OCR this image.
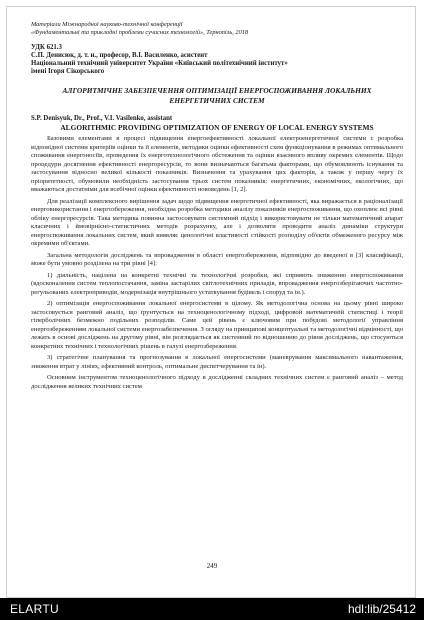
Матеріали Міжнародної науково-технічної конференції

«Фундаментальні та прикладні проблеми сучасних технологій», Тернопіль, 2018

УДК 621.3
С.П. Денисюк, д. т. н., професор, В.І. Василенко, асистент
Національний технічний університет України «Київський політехнічний інститут»
імені Ігоря Сікорського
АЛГОРИТМІЧНЕ ЗАБЕЗПЕЧЕННЯ ОПТИМІЗАЦІЇ ЕНЕРГОСПОЖИВАННЯ ЛОКАЛЬНИХ ЕНЕРГЕТИЧНИХ СИСТЕМ
S.P. Denisyuk, Dr., Prof., V.I. Vasilenko, assistant
ALGORITHMIC PROVIDING OPTIMIZATION OF ENERGY OF LOCAL ENERGY SYSTEMS

Базовими елементами в процесі підвищення енергоефективності локальної електроенергетичної системи є розробка відповідної системи критеріїв оцінки та її елементів, методики оцінки ефективності схем функціонування в режимах оптимального споживання енергоносіїв, проведення їх енерготехнологічного обстеження та оцінки взаємного впливу окремих елементів. Щодо процедури досягнення ефективності енергоресурсів, то вони визначаються багатьма факторами, що обумовлюють існування та застосування відносно великої кількості показників. Визначення та урахування цих факторів, а також у першу чергу їх пріоритетності, обумовили необхідність застосування трьох систем показників: енергетичних, економічних, екологічних, що вважаються достатніми для всебічної оцінки ефективності нововедень [1, 2].

Для реалізації комплексного вирішення задач щодо підвищення енергетичної ефективності, яка виражається в раціоналізації енерговикористання і енергозбереження, необхідна розробка методики аналізу показників енергоспоживання, що охоплює всі рівні обліку енергоресурсів. Така методика повинна застосовувати системний підхід і використовувати не тільки математичний апарат класичних і ймовірнісно-статистичних методів розрахунку, але і дозволяти проводити аналіз динаміки структури енергоспоживання локальних систем, який виявляє ценологічні властивості стійкості розподілу об'єктів обмеженого ресурсу між окремими об'єктами.

Загальна методологія досліджень та впровадження в області енергозбереження, відповідно до введеної в [3] класифікації, може бути умовно розділена на три рівні [4]:

1) діяльність, націлена на конкретні технічні та технологічні розробки, які сприяють зниженню енергоспоживання (вдосконалення систем теплопостачання, заміна застарілих світлотехнічних приладів, впровадження енергозберігаючих частотно-регульованих електроприводів, модернізація внутрішнього устаткування будівель і споруд та ін.).

2) оптимізація енергоспоживання локальної енергосистеми в цілому. Як методологічна основа на цьому рівні широко застосовується ранговий аналіз, що ґрунтується на техноценологічному підході, цифровой математичній статистиці і теорії гіперболічних безмежно подільних розподілів. Саме цей рівень є ключовим при побудові методології управління енергозбереженням локальної системи енергозабезпечення. З огляду на принципові концептуальні та методологічні відмінності, що лежать в основі досліджень на другому рівні, він розглядається як системний по відношенню до рівня досліджень, що стосуються конкретних технічних і технологічних рішень в галузі енергозбереження.

3) стратегічне планування та прогнозування в локальної енергосистеми (маневрування максимального навантаження, зниження втрат у лініях, ефективний контроль, оптимальне диспетчерування та ін).

Основним інструментом техноценологічного підходу в дослідженні складних технічних систем є ранговий аналіз – метод дослідження великих технічних систем

249
ELARTU	hdl:lib/25412
